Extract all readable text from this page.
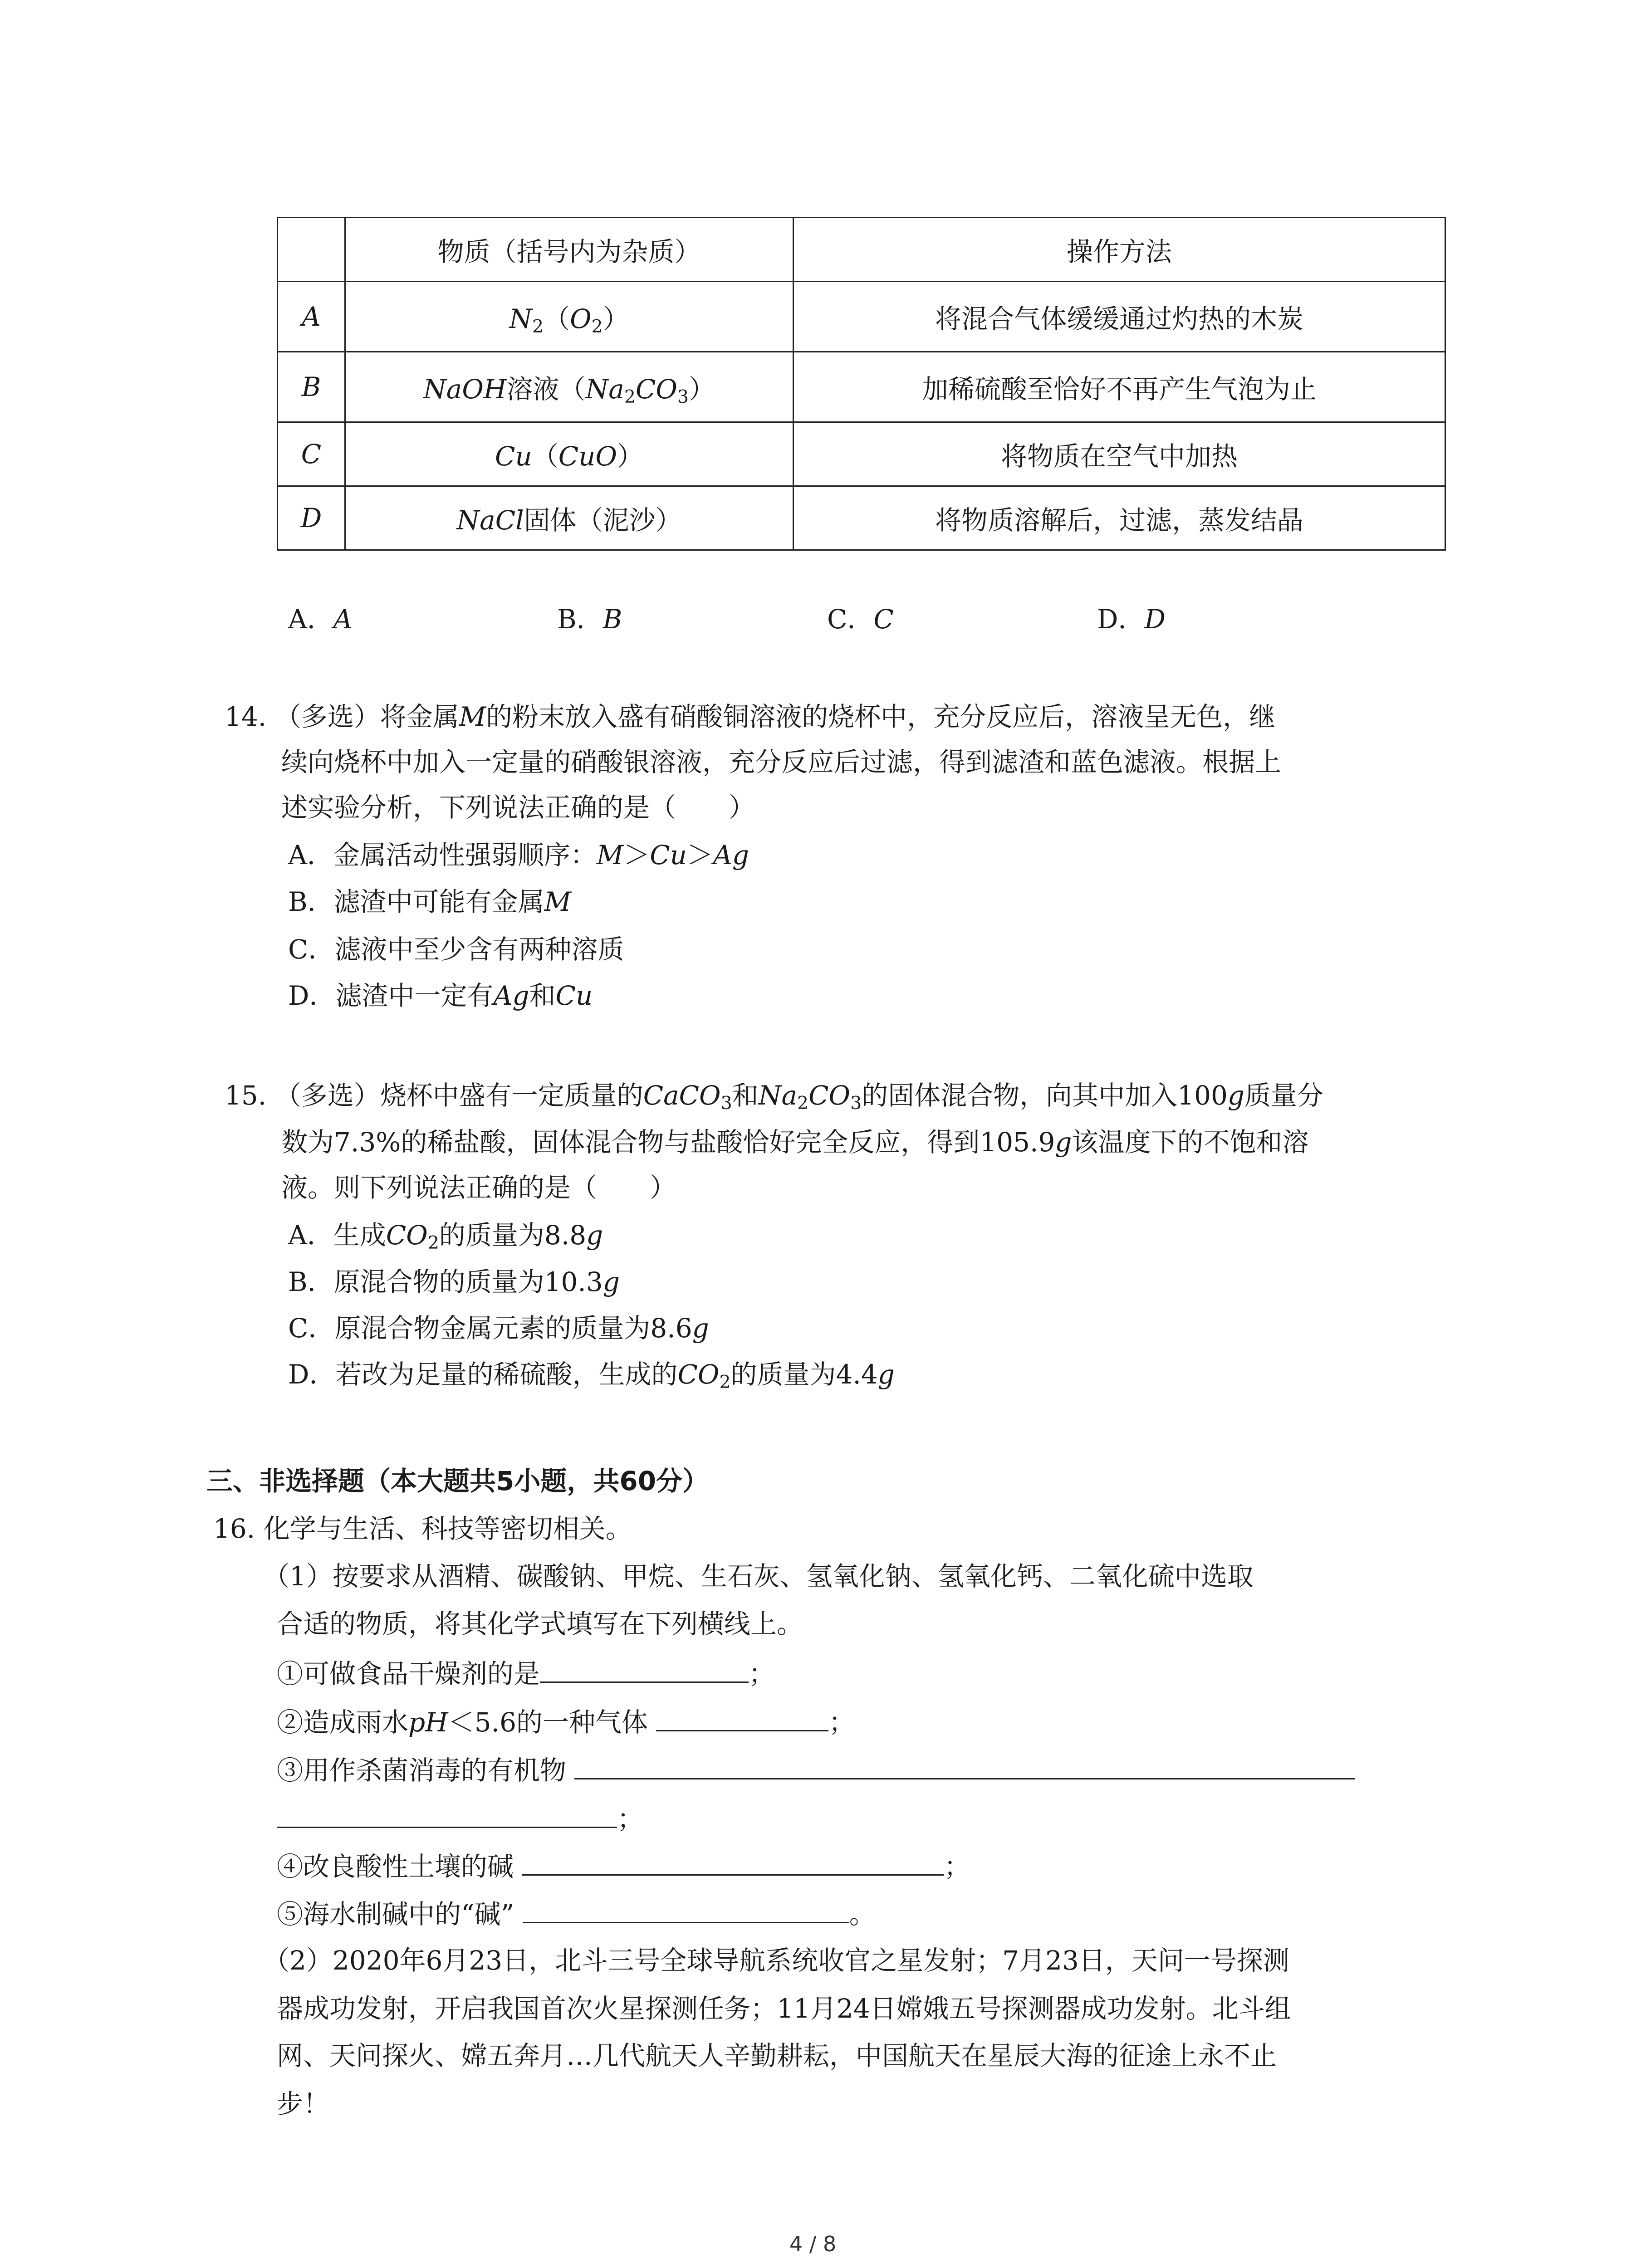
	物质（括号内为杂质）	操作方法
A	$N_2(O_2)$	将混合气体缓缓通过灼热的木炭
B	NaOH溶液$(Na_2CO_3)$	加稀硫酸至恰好不再产生气泡为止
C	Cu（CuO）	将物质在空气中加热
D	NaCl固体（泥沙）	将物质溶解后，过滤，蒸发结晶
A．A	B．B	C．C	D．D
14. （多选）将金属M的粉末放入盛有硝酸铜溶液的烧杯中，充分反应后，溶液呈无色，继
续向烧杯中加入一定量的硝酸银溶液，充分反应后过滤，得到滤渣和蓝色滤液。根据上
述实验分析，下列说法正确的是（　　）
A．金属活动性强弱顺序：M＞Cu＞Ag
B．滤渣中可能有金属M
C．滤液中至少含有两种溶质
D．滤渣中一定有Ag和Cu
15. （多选）烧杯中盛有一定质量的CaCO$_3$和$Na_2CO_3$的固体混合物，向其中加入100g质量分
数为7.3%的稀盐酸，固体混合物与盐酸恰好完全反应，得到105.9g该温度下的不饱和溶
液。则下列说法正确的是（　　）
A．生成$CO_2$的质量为8.8g
B．原混合物的质量为10.3g
C．原混合物金属元素的质量为8.6g
D．若改为足量的稀硫酸，生成的$CO_2$的质量为4.4g
三、非选择题（本大题共5小题，共60分）
16. 化学与生活、科技等密切相关。
（1）按要求从酒精、碳酸钠、甲烷、生石灰、氢氧化钠、氢氧化钙、二氧化硫中选取
合适的物质，将其化学式填写在下列横线上。
①可做食品干燥剂的是	；
②造成雨水pH＜5.6的一种气体	；
③用作杀菌消毒的有机物
；
④改良酸性土壤的碱	；
⑤海水制碱中的“碱”	。
（2）2020年6月23日，北斗三号全球导航系统收官之星发射；7月23日，天问一号探测
器成功发射，开启我国首次火星探测任务；11月24日嫦娥五号探测器成功发射。北斗组
网、天问探火、嫦五奔月…几代航天人辛勤耕耘，中国航天在星辰大海的征途上永不止
步！
4 / 8
